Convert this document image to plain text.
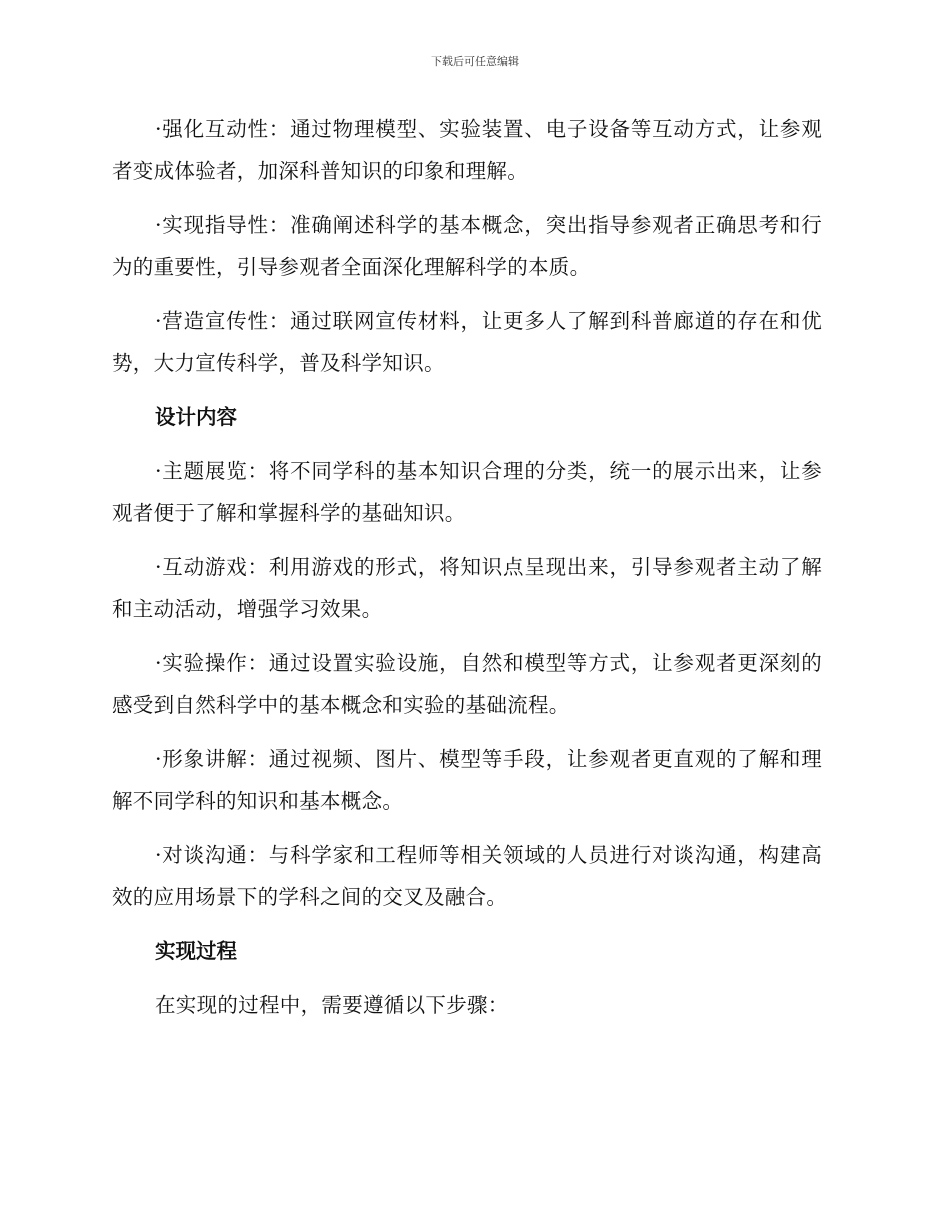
下载后可任意编辑

·强化互动性：通过物理模型、实验装置、电子设备等互动方式，让参观者变成体验者，加深科普知识的印象和理解。

·实现指导性：准确阐述科学的基本概念，突出指导参观者正确思考和行为的重要性，引导参观者全面深化理解科学的本质。

·营造宣传性：通过联网宣传材料，让更多人了解到科普廊道的存在和优势，大力宣传科学，普及科学知识。

设计内容

·主题展览：将不同学科的基本知识合理的分类，统一的展示出来，让参观者便于了解和掌握科学的基础知识。

·互动游戏：利用游戏的形式，将知识点呈现出来，引导参观者主动了解和主动活动，增强学习效果。

·实验操作：通过设置实验设施，自然和模型等方式，让参观者更深刻的感受到自然科学中的基本概念和实验的基础流程。

·形象讲解：通过视频、图片、模型等手段，让参观者更直观的了解和理解不同学科的知识和基本概念。

·对谈沟通：与科学家和工程师等相关领域的人员进行对谈沟通，构建高效的应用场景下的学科之间的交叉及融合。

实现过程

在实现的过程中，需要遵循以下步骤：
